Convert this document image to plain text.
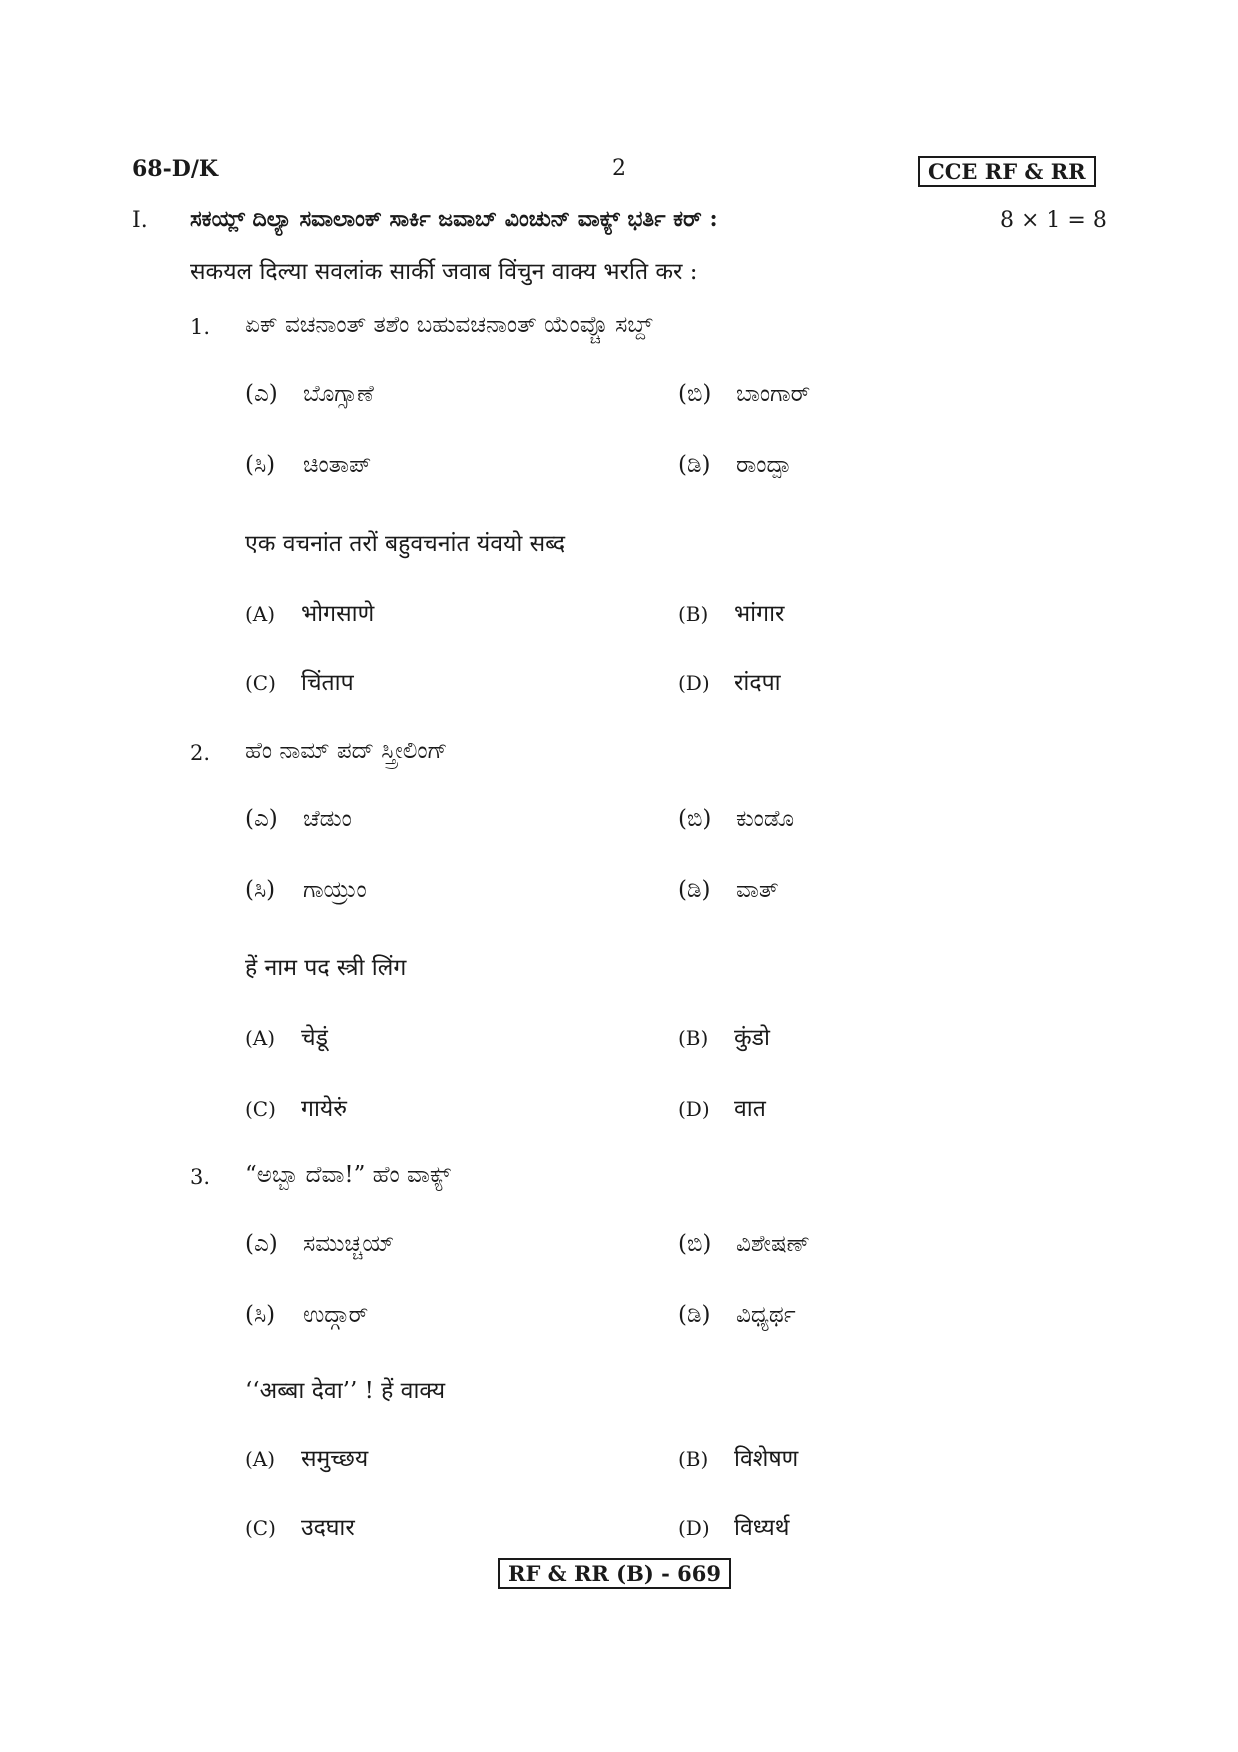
68-D/K	2	CCE RF & RR
I. ಸಕಯ್ಲ್ ದಿಲ್ಯಾ ಸವಾಲಾಂಕ್ ಸಾರ್ಕಿ ಜವಾಬ್ ವಿಂಚುನ್ ವಾಕ್ಯ್ ಭರ್ತಿ ಕರ್ :	8 × 1 = 8
सकयल दिल्या सवलांक सार्की जवाब विंचुन वाक्य भरति कर :
1. ಏಕ್ ವಚನಾಂತ್ ತಶೆಂ ಬಹುವಚನಾಂತ್ ಯೆಂವ್ಚೊ ಸಬ್ದ್
(ಎ) ಬೊಗ್ಸಾಣೆ	(ಬಿ) ಬಾಂಗಾರ್
(ಸಿ) ಚಿಂತಾಪ್	(ಡಿ) ರಾಂದ್ಪಾ
एक वचनांत तरों बहुवचनांत यंवयो सब्द
(A) भोगसाणे	(B) भांगार
(C) चिंताप	(D) रांदपा
2. ಹೆಂ ನಾಮ್ ಪದ್ ಸ್ತ್ರೀಲಿಂಗ್
(ಎ) ಚೆಡುಂ	(ಬಿ) ಕುಂಡೊ
(ಸಿ) ಗಾಯ್ರುಂ	(ಡಿ) ವಾತ್
हें नाम पद स्त्री लिंग
(A) चेडूं	(B) कुंडो
(C) गायेरुं	(D) वात
3. “ಅಬ್ಬಾ ದೆವಾ!” ಹೆಂ ವಾಕ್ಯ್
(ಎ) ಸಮುಚ್ಚಯ್	(ಬಿ) ವಿಶೇಷಣ್
(ಸಿ) ಉದ್ಗಾರ್	(ಡಿ) ವಿಧ್ಯರ್ಥ
‘‘अब्बा देवा’’ ! हें वाक्य
(A) समुच्छय	(B) विशेषण
(C) उदघार	(D) विध्यर्थ
RF & RR (B) - 669
